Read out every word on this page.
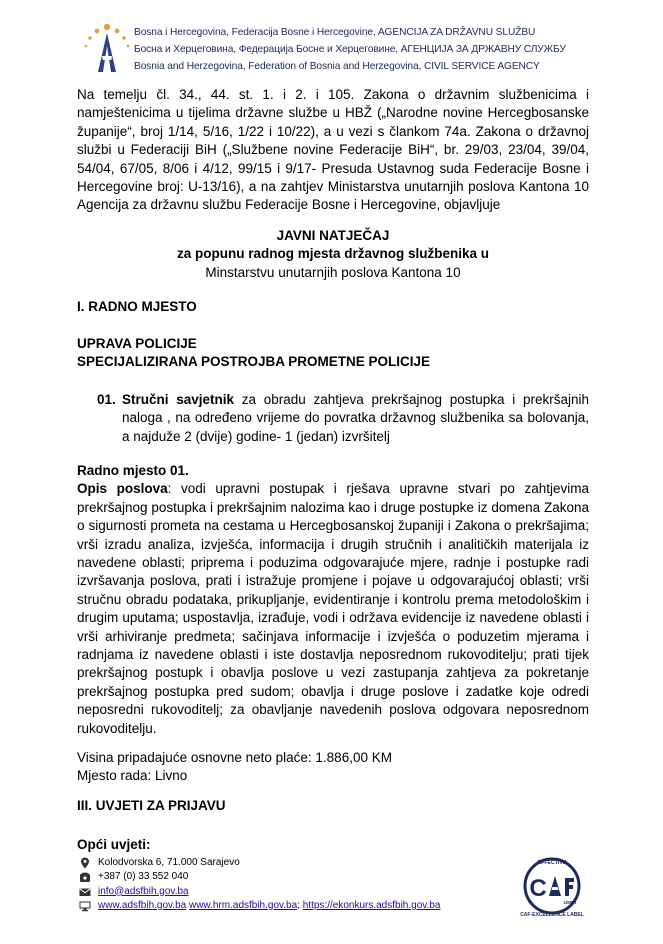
Bosna i Hercegovina, Federacija Bosne i Hercegovine, AGENCIJA ZA DRŽAVNU SLUŽBU
Босна и Херцеговина, Федерација Босне и Херцеговине, АГЕНЦИЈА ЗА ДРЖАВНУ СЛУЖБУ
Bosnia and Herzegovina, Federation of Bosnia and Herzegovina, CIVIL SERVICE AGENCY
Na temelju čl. 34., 44. st. 1. i 2. i 105. Zakona o državnim službenicima i namještenicima u tijelima državne službe u HBŽ („Narodne novine Hercegbosanske županije“, broj 1/14, 5/16, 1/22 i 10/22), a u vezi s člankom 74a. Zakona o državnoj službi u Federaciji BiH („Službene novine Federacije BiH“, br. 29/03, 23/04, 39/04, 54/04, 67/05, 8/06 i 4/12, 99/15 i 9/17- Presuda Ustavnog suda Federacije Bosne i Hercegovine broj: U-13/16), a na zahtjev Ministarstva unutarnjih poslova Kantona 10 Agencija za državnu službu Federacije Bosne i Hercegovine, objavljuje
JAVNI NATJEČAJ
za popunu radnog mjesta državnog službenika u
Minstarstvu unutarnjih poslova Kantona 10
I. RADNO MJESTO
UPRAVA POLICIJE
SPECIJALIZIRANA POSTROJBA PROMETNE POLICIJE
01. Stručni savjetnik za obradu zahtjeva prekršajnog postupka i prekršajnih naloga , na određeno vrijeme do povratka državnog službenika sa bolovanja, a najduže 2 (dvije) godine- 1 (jedan) izvršitelj
Radno mjesto 01.
Opis poslova: vodi upravni postupak i rješava upravne stvari po zahtjevima prekršajnog postupka i prekršajnim nalozima kao i druge postupke iz domena Zakona o sigurnosti prometa na cestama u Hercegbosanskoj županiji i Zakona o prekršajima; vrši izradu analiza, izvješća, informacija i drugih stručnih i analitičkih materijala iz navedene oblasti; priprema i poduzima odgovarajuće mjere, radnje i postupke radi izvršavanja poslova, prati i istražuje promjene i pojave u odgovarajućoj oblasti; vrši stručnu obradu podataka, prikupljanje, evidentiranje i kontrolu prema metodološkim i drugim uputama; uspostavlja, izrađuje, vodi i održava evidencije iz navedene oblasti i vrši arhiviranje predmeta; sačinjava informacije i izvješća o poduzetim mjerama i radnjama iz navedene oblasti i iste dostavlja neposrednom rukovoditelju; prati tijek prekršajnog postupk i obavlja poslove u vezi zastupanja zahtjeva za pokretanje prekršajnog postupka pred sudom; obavlja i druge poslove i zadatke koje odredi neposredni rukovoditelj; za obavljanje navedenih poslova odgovara neposrednom rukovoditelju.
Visina pripadajuće osnovne neto plaće: 1.886,00 KM
Mjesto rada: Livno
III. UVJETI ZA PRIJAVU
Opći uvjeti:
Kolodvorska 6, 71.000 Sarajevo
+387 (0) 33 552 040
info@adsfbih.gov.ba
www.adsfbih.gov.ba www.hrm.adsfbih.gov.ba; https://ekonkurs.adsfbih.gov.ba
EFFECTIVE
C
USER
CAF-EXCELLENCE LABEL
